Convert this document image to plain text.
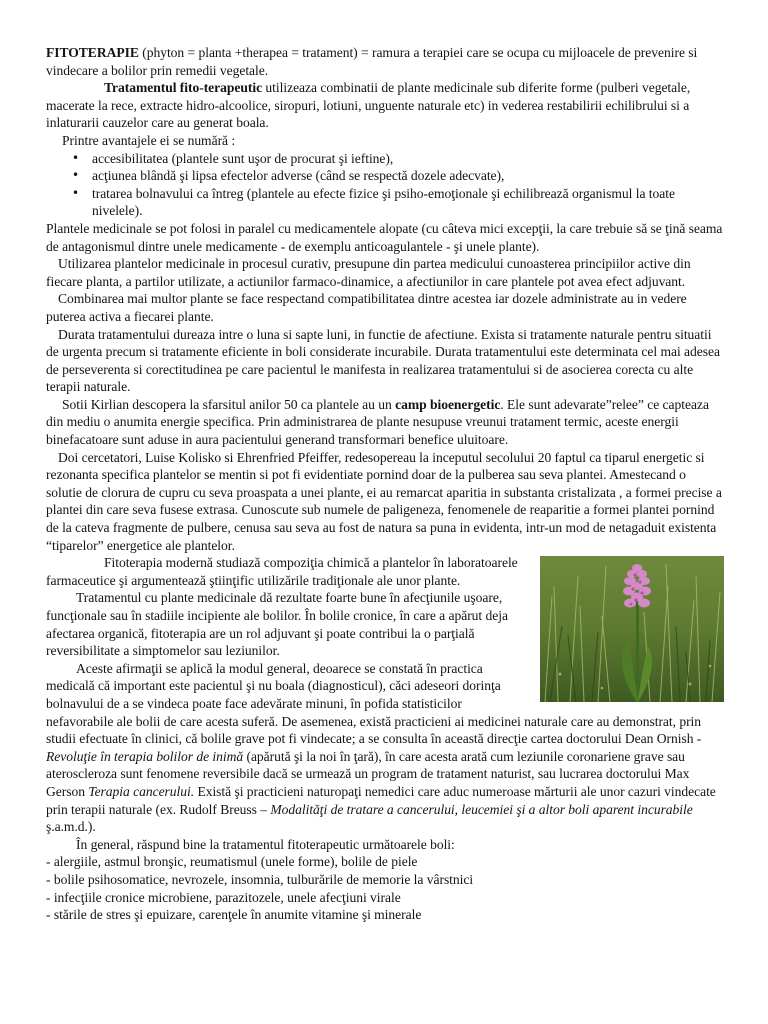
FITOTERAPIE (phyton = planta +therapea = tratament) = ramura a terapiei care se ocupa cu mijloacele de prevenire si vindecare a bolilor prin remedii vegetale.

Tratamentul fito-terapeutic utilizeaza combinatii de plante medicinale sub diferite forme (pulberi vegetale, macerate la rece, extracte hidro-alcoolice, siropuri, lotiuni, unguente naturale etc) in vederea restabilirii echilibrului si a inlaturarii cauzelor care au generat boala.

Printre avantajele ei se numără :

• accesibilitatea (plantele sunt uşor de procurat şi ieftine),
• acţiunea blândă şi lipsa efectelor adverse (când se respectă dozele adecvate),
• tratarea bolnavului ca întreg (plantele au efecte fizice şi psiho-emoţionale şi echilibrează organismul la toate nivelele).

Plantele medicinale se pot folosi in paralel cu medicamentele alopate (cu câteva mici excepţii, la care trebuie să se ţină seama de antagonismul dintre unele medicamente - de exemplu anticoagulantele - şi unele plante).

Utilizarea plantelor medicinale in procesul curativ, presupune din partea medicului cunoasterea principiilor active din fiecare planta, a partilor utilizate, a actiunilor farmaco-dinamice, a afectiunilor in care plantele pot avea efect adjuvant.

Combinarea mai multor plante se face respectand compatibilitatea dintre acestea iar dozele administrate au in vedere puterea activa a fiecarei plante.

Durata tratamentului dureaza intre o luna si sapte luni, in functie de afectiune. Exista si tratamente naturale pentru situatii de urgenta precum si tratamente eficiente in boli considerate incurabile. Durata tratamentului este determinata cel mai adesea de perseverenta si corectitudinea pe care pacientul le manifesta in realizarea tratamentului si de asocierea corecta cu alte terapii naturale.

Sotii Kirlian descopera la sfarsitul anilor 50 ca plantele au un camp bioenergetic. Ele sunt adevarate”relee” ce capteaza din mediu o anumita energie specifica. Prin administrarea de plante nesupuse vreunui tratament termic, aceste energii binefacatoare sunt aduse in aura pacientului generand transformari benefice uluitoare.

Doi cercetatori, Luise Kolisko si Ehrenfried Pfeiffer, redesopereau la inceputul secolului 20 faptul ca tiparul energetic si rezonanta specifica plantelor se mentin si pot fi evidentiate pornind doar de la pulberea sau seva plantei. Amestecand o solutie de clorura de cupru cu seva proaspata a unei plante, ei au remarcat aparitia in substanta cristalizata , a formei precise a plantei din care seva fusese extrasa. Cunoscute sub numele de paligeneza, fenomenele de reaparitie a formei plantei pornind de la cateva fragmente de pulbere, cenusa sau seva au fost de natura sa puna in evidenta, intr-un mod de netagaduit existenta “tiparelor” energetice ale plantelor.

Fitoterapia modernă studiază compoziţia chimică a plantelor în laboratoarele farmaceutice şi argumentează ştiinţific utilizările tradiţionale ale unor plante.

Tratamentul cu plante medicinale dă rezultate foarte bune în afecţiunile uşoare, funcţionale sau în stadiile incipiente ale bolilor. În bolile cronice, în care a apărut deja afectarea organică, fitoterapia are un rol adjuvant şi poate contribui la o parţială reversibilitate a simptomelor sau leziunilor.

Aceste afirmaţii se aplică la modul general, deoarece se constată în practica medicală că important este pacientul şi nu boala (diagnosticul), căci adeseori dorinţa bolnavului de a se vindeca poate face adevărate minuni, în pofida statisticilor nefavorabile ale bolii de care acesta suferă. De asemenea, există practicieni ai medicinei naturale care au demonstrat, prin studii efectuate în clinici, că bolile grave pot fi vindecate; a se consulta în această direcţie cartea doctorului Dean Ornish - Revoluţie în terapia bolilor de inimă (apărută şi la noi în ţară), în care acesta arată cum leziunile coronariene grave sau ateroscleroza sunt fenomene reversibile dacă se urmează un program de tratament naturist, sau lucrarea doctorului Max Gerson Terapia cancerului. Există şi practicieni naturopaţi nemedici care aduc numeroase mărturii ale unor cazuri vindecate prin terapii naturale (ex. Rudolf Breuss – Modalităţi de tratare a cancerului, leucemiei şi a altor boli aparent incurabile ş.a.m.d.).

În general, răspund bine la tratamentul fitoterapeutic următoarele boli:

- alergiile, astmul bronşic, reumatismul (unele forme), bolile de piele

- bolile psihosomatice, nevrozele, insomnia, tulburările de memorie la vârstnici

- infecţiile cronice microbiene, parazitozele, unele afecţiuni virale

- stările de stres şi epuizare, carenţele în anumite vitamine şi minerale
